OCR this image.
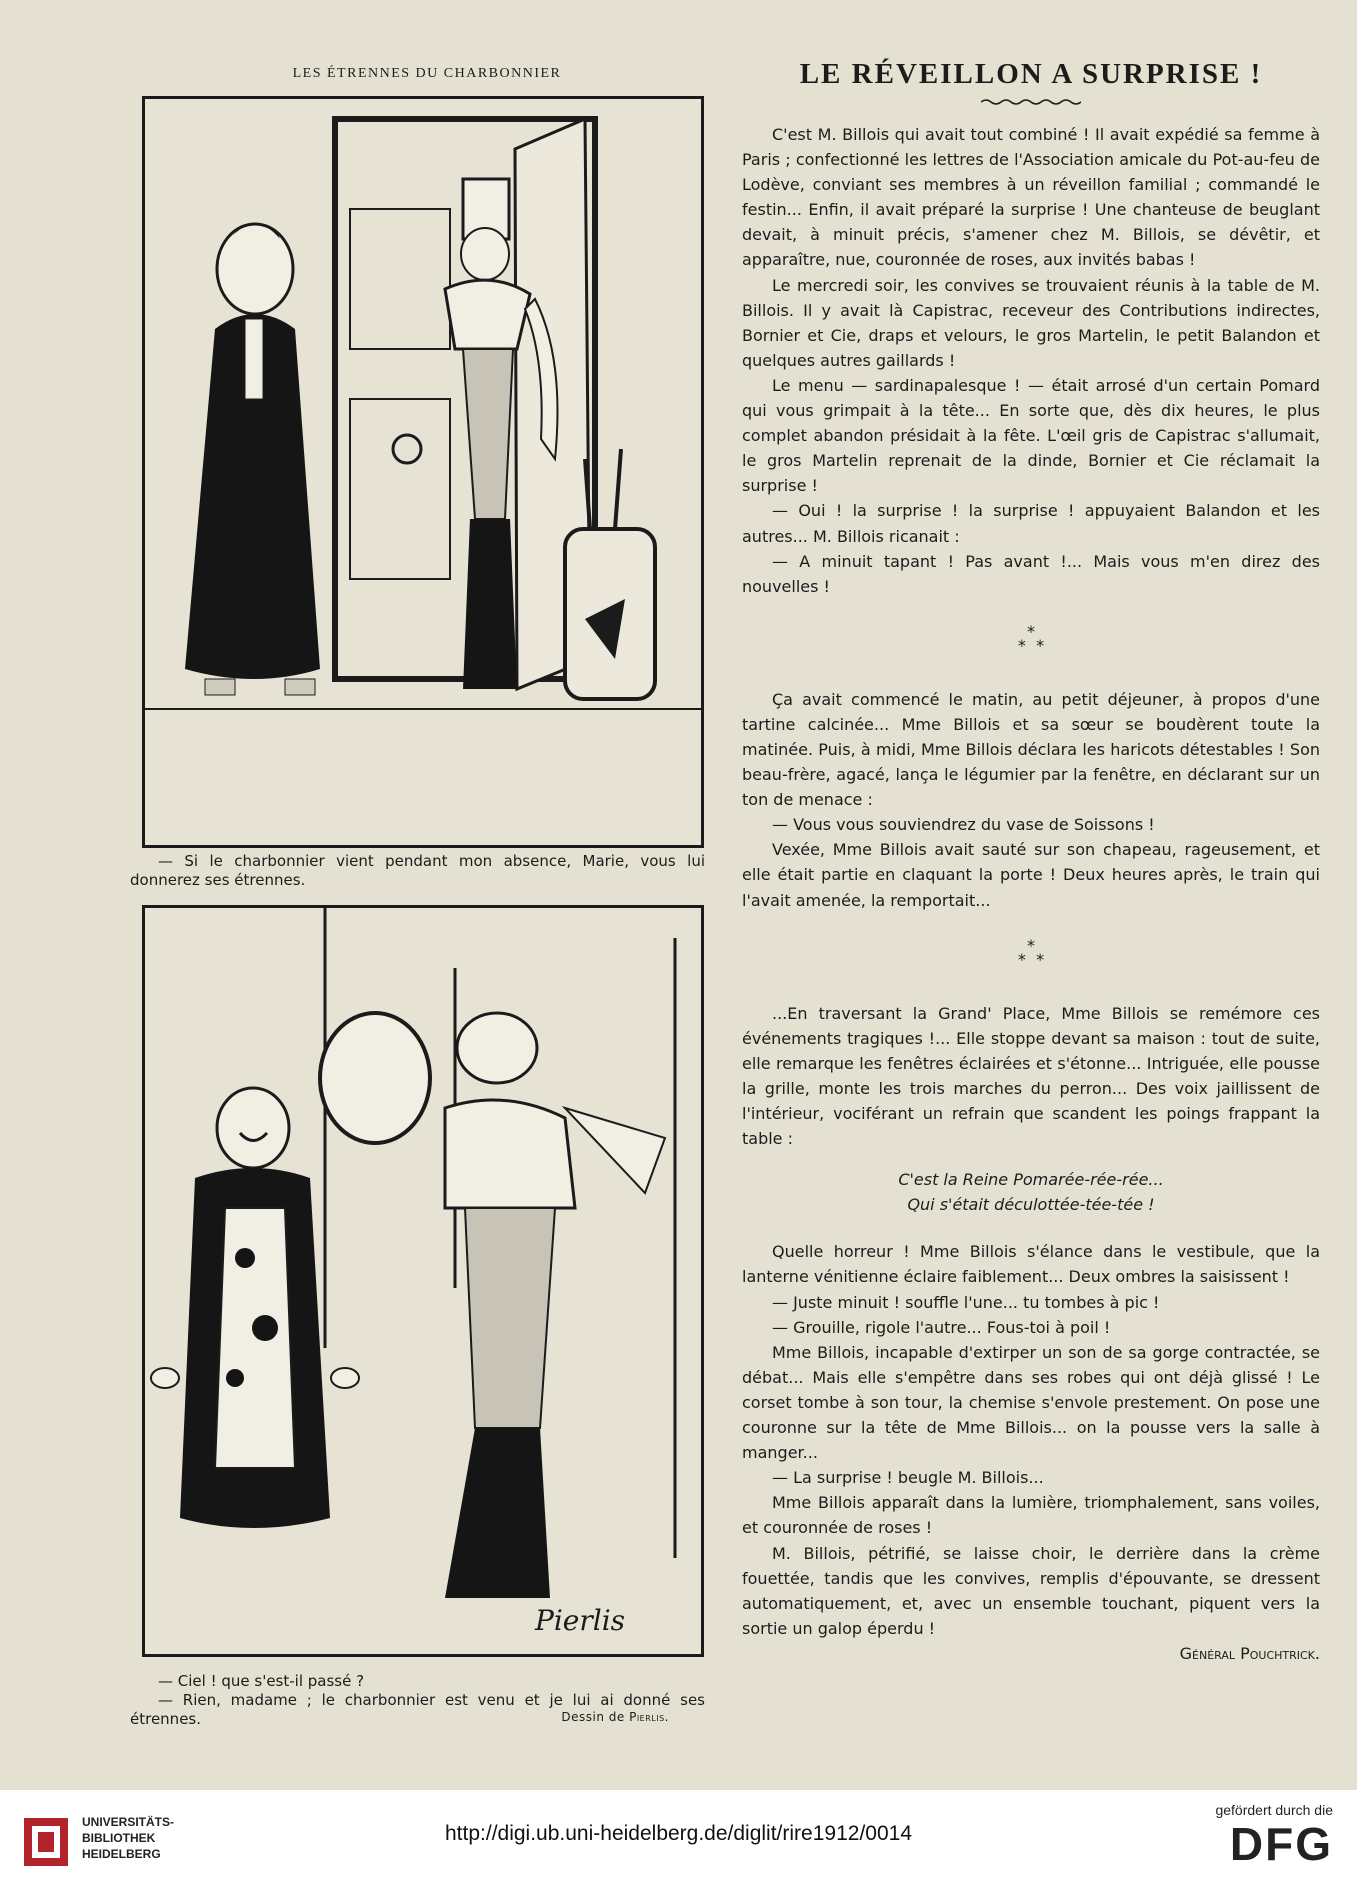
LES ÉTRENNES DU CHARBONNIER

— Si le charbonnier vient pendant mon absence, Marie, vous lui donnerez ses étrennes.

Pierlis

— Ciel ! que s'est-il passé ?

— Rien, madame ; le charbonnier est venu et je lui ai donné ses étrennes.	Dessin de Pierlis.
LE RÉVEILLON A SURPRISE !

C'est M. Billois qui avait tout combiné ! Il avait expédié sa femme à Paris ; confectionné les lettres de l'Association amicale du Pot-au-feu de Lodève, conviant ses membres à un réveillon familial ; commandé le festin... Enfin, il avait préparé la surprise ! Une chanteuse de beuglant devait, à minuit précis, s'amener chez M. Billois, se dévêtir, et apparaître, nue, couronnée de roses, aux invités babas !

Le mercredi soir, les convives se trouvaient réunis à la table de M. Billois. Il y avait là Capistrac, receveur des Contributions indirectes, Bornier et Cie, draps et velours, le gros Martelin, le petit Balandon et quelques autres gaillards !

Le menu — sardinapalesque ! — était arrosé d'un certain Pomard qui vous grimpait à la tête... En sorte que, dès dix heures, le plus complet abandon présidait à la fête. L'œil gris de Capistrac s'allumait, le gros Martelin reprenait de la dinde, Bornier et Cie réclamait la surprise !

— Oui ! la surprise ! la surprise ! appuyaient Balandon et les autres... M. Billois ricanait :

— A minuit tapant ! Pas avant !... Mais vous m'en direz des nouvelles !

*
*  *

Ça avait commencé le matin, au petit déjeuner, à propos d'une tartine calcinée... Mme Billois et sa sœur se boudèrent toute la matinée. Puis, à midi, Mme Billois déclara les haricots détestables ! Son beau-frère, agacé, lança le légumier par la fenêtre, en déclarant sur un ton de menace :

— Vous vous souviendrez du vase de Soissons !

Vexée, Mme Billois avait sauté sur son chapeau, rageusement, et elle était partie en claquant la porte ! Deux heures après, le train qui l'avait amenée, la remportait...

*
*  *

...En traversant la Grand' Place, Mme Billois se remémore ces événements tragiques !... Elle stoppe devant sa maison : tout de suite, elle remarque les fenêtres éclairées et s'étonne... Intriguée, elle pousse la grille, monte les trois marches du perron... Des voix jaillissent de l'intérieur, vociférant un refrain que scandent les poings frappant la table :

C'est la Reine Pomarée-rée-rée...

Qui s'était déculottée-tée-tée !

Quelle horreur ! Mme Billois s'élance dans le vestibule, que la lanterne vénitienne éclaire faiblement... Deux ombres la saisissent !

— Juste minuit ! souffle l'une... tu tombes à pic !

— Grouille, rigole l'autre... Fous-toi à poil !

Mme Billois, incapable d'extirper un son de sa gorge contractée, se débat... Mais elle s'empêtre dans ses robes qui ont déjà glissé ! Le corset tombe à son tour, la chemise s'envole prestement. On pose une couronne sur la tête de Mme Billois... on la pousse vers la salle à manger...

— La surprise ! beugle M. Billois...

Mme Billois apparaît dans la lumière, triomphalement, sans voiles, et couronnée de roses !

M. Billois, pétrifié, se laisse choir, le derrière dans la crème fouettée, tandis que les convives, remplis d'épouvante, se dressent automatiquement, et, avec un ensemble touchant, piquent vers la sortie un galop éperdu !

Général Pouchtrick.
UNIVERSITÄTS-
BIBLIOTHEK
HEIDELBERG
http://digi.ub.uni-heidelberg.de/diglit/rire1912/0014
gefördert durch die
DFG
